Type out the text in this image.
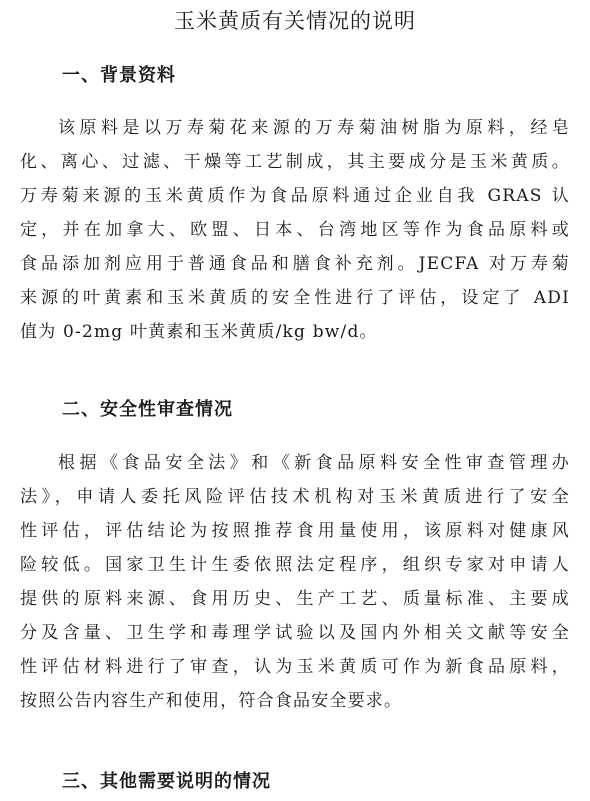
玉米黄质有关情况的说明
一、背景资料
该原料是以万寿菊花来源的万寿菊油树脂为原料，经皂
化、离心、过滤、干燥等工艺制成，其主要成分是玉米黄质。
万寿菊来源的玉米黄质作为食品原料通过企业自我 GRAS 认
定，并在加拿大、欧盟、日本、台湾地区等作为食品原料或
食品添加剂应用于普通食品和膳食补充剂。JECFA 对万寿菊
来源的叶黄素和玉米黄质的安全性进行了评估，设定了 ADI
值为 0-2mg 叶黄素和玉米黄质/kg bw/d。
二、安全性审查情况
根据《食品安全法》和《新食品原料安全性审查管理办
法》，申请人委托风险评估技术机构对玉米黄质进行了安全
性评估，评估结论为按照推荐食用量使用，该原料对健康风
险较低。国家卫生计生委依照法定程序，组织专家对申请人
提供的原料来源、食用历史、生产工艺、质量标准、主要成
分及含量、卫生学和毒理学试验以及国内外相关文献等安全
性评估材料进行了审查，认为玉米黄质可作为新食品原料，
按照公告内容生产和使用，符合食品安全要求。
三、其他需要说明的情况
